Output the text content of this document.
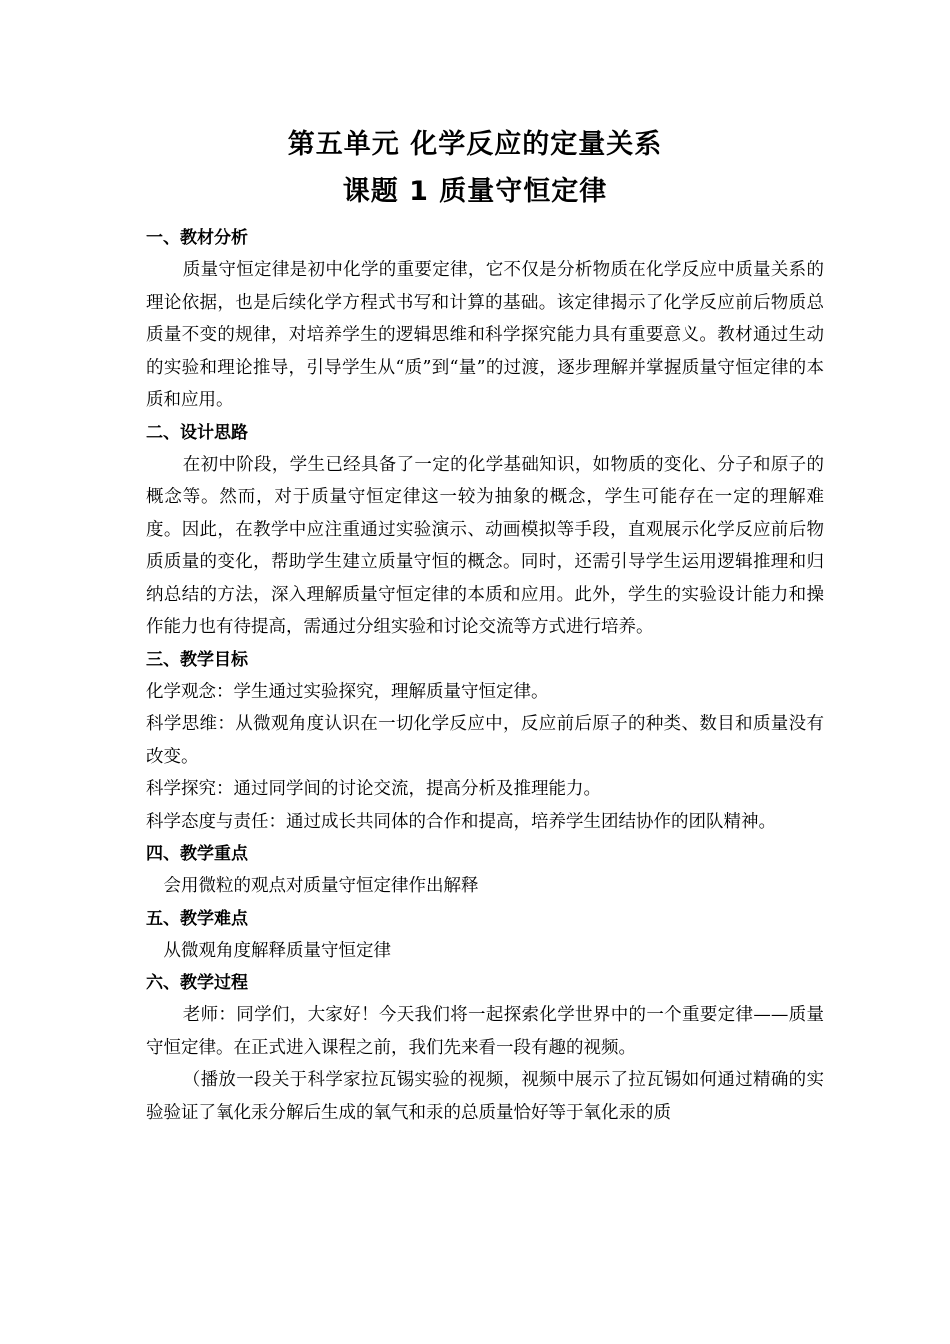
第五单元 化学反应的定量关系
课题 1 质量守恒定律
一、教材分析
质量守恒定律是初中化学的重要定律，它不仅是分析物质在化学反应中质量关系的理论依据，也是后续化学方程式书写和计算的基础。该定律揭示了化学反应前后物质总质量不变的规律，对培养学生的逻辑思维和科学探究能力具有重要意义。教材通过生动的实验和理论推导，引导学生从“质”到“量”的过渡，逐步理解并掌握质量守恒定律的本质和应用。
二、设计思路
在初中阶段，学生已经具备了一定的化学基础知识，如物质的变化、分子和原子的概念等。然而，对于质量守恒定律这一较为抽象的概念，学生可能存在一定的理解难度。因此，在教学中应注重通过实验演示、动画模拟等手段，直观展示化学反应前后物质质量的变化，帮助学生建立质量守恒的概念。同时，还需引导学生运用逻辑推理和归纳总结的方法，深入理解质量守恒定律的本质和应用。此外，学生的实验设计能力和操作能力也有待提高，需通过分组实验和讨论交流等方式进行培养。
三、教学目标
化学观念：学生通过实验探究，理解质量守恒定律。
科学思维：从微观角度认识在一切化学反应中，反应前后原子的种类、数目和质量没有改变。
科学探究：通过同学间的讨论交流，提高分析及推理能力。
科学态度与责任：通过成长共同体的合作和提高，培养学生团结协作的团队精神。
四、教学重点
会用微粒的观点对质量守恒定律作出解释
五、教学难点
从微观角度解释质量守恒定律
六、教学过程
老师：同学们，大家好！今天我们将一起探索化学世界中的一个重要定律——质量守恒定律。在正式进入课程之前，我们先来看一段有趣的视频。
（播放一段关于科学家拉瓦锡实验的视频，视频中展示了拉瓦锡如何通过精确的实验验证了氧化汞分解后生成的氧气和汞的总质量恰好等于氧化汞的质
